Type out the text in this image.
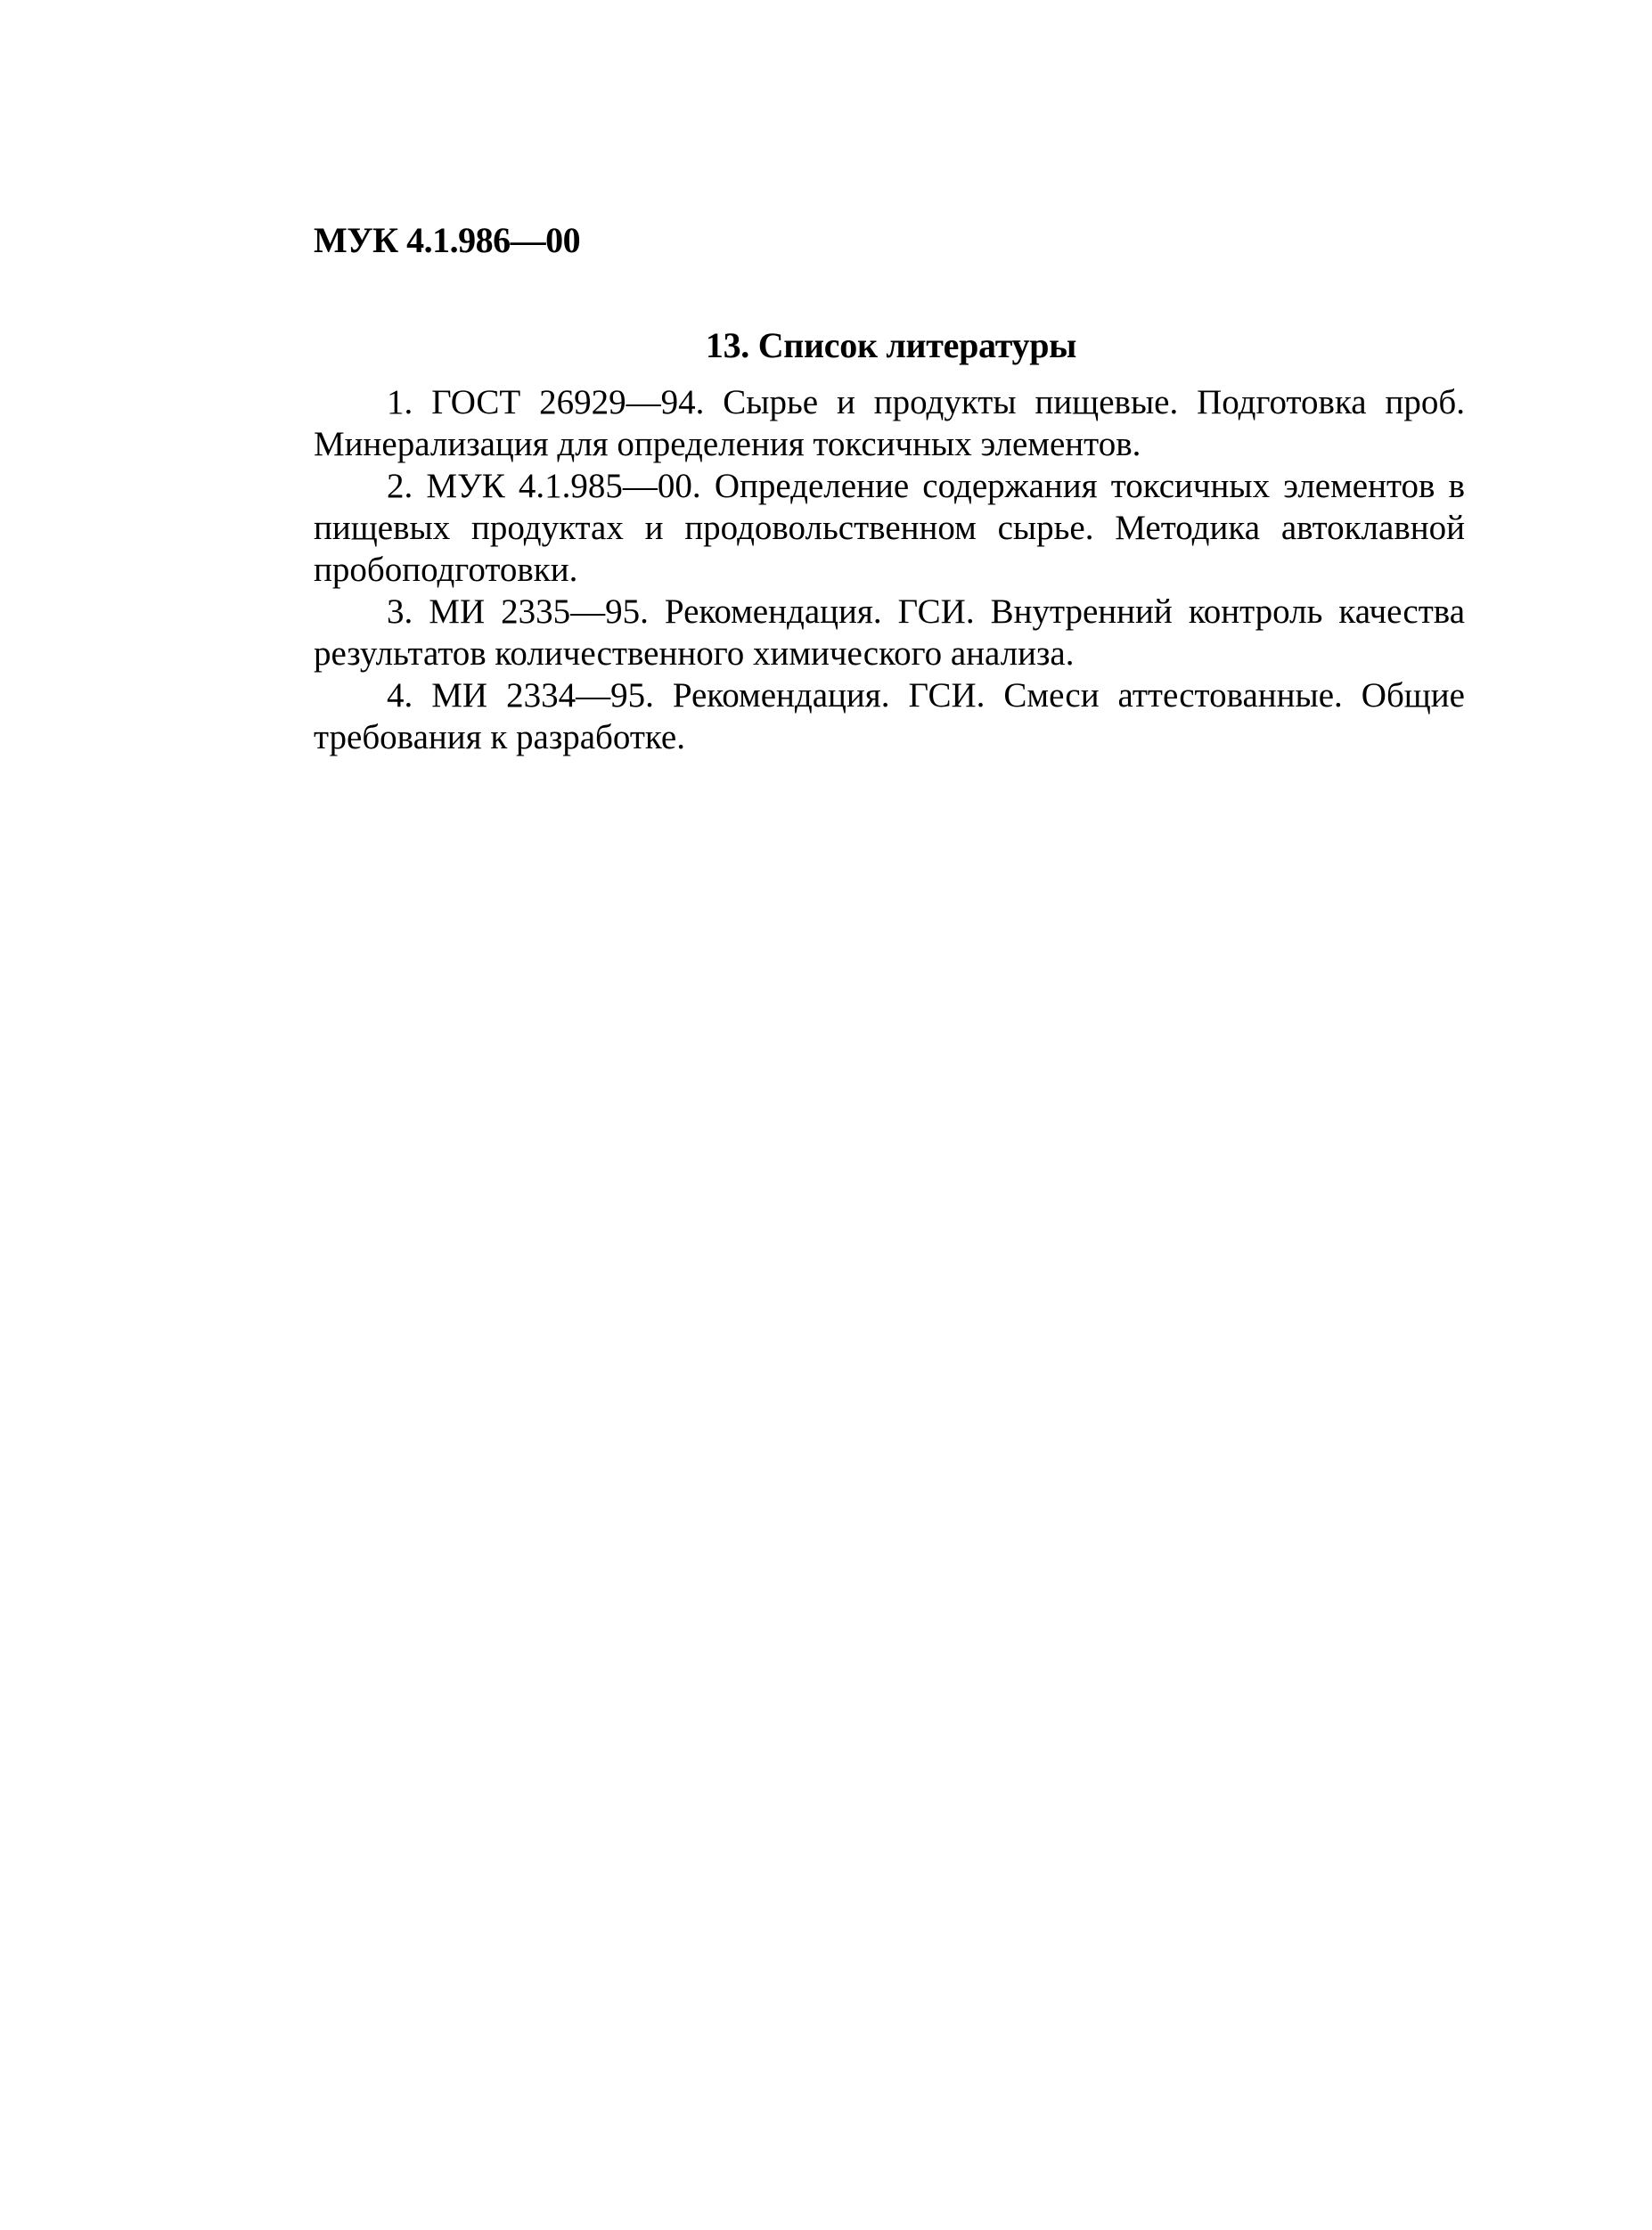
МУК 4.1.986—00
13. Список литературы
1. ГОСТ 26929—94. Сырье и продукты пищевые. Подготовка проб. Минерализация для определения токсичных элементов.
2. МУК 4.1.985—00. Определение содержания токсичных элементов в пищевых продуктах и продовольственном сырье. Методика автоклавной пробоподготовки.
3. МИ 2335—95. Рекомендация. ГСИ. Внутренний контроль качества результатов количественного химического анализа.
4. МИ 2334—95. Рекомендация. ГСИ. Смеси аттестованные. Общие требования к разработке.
